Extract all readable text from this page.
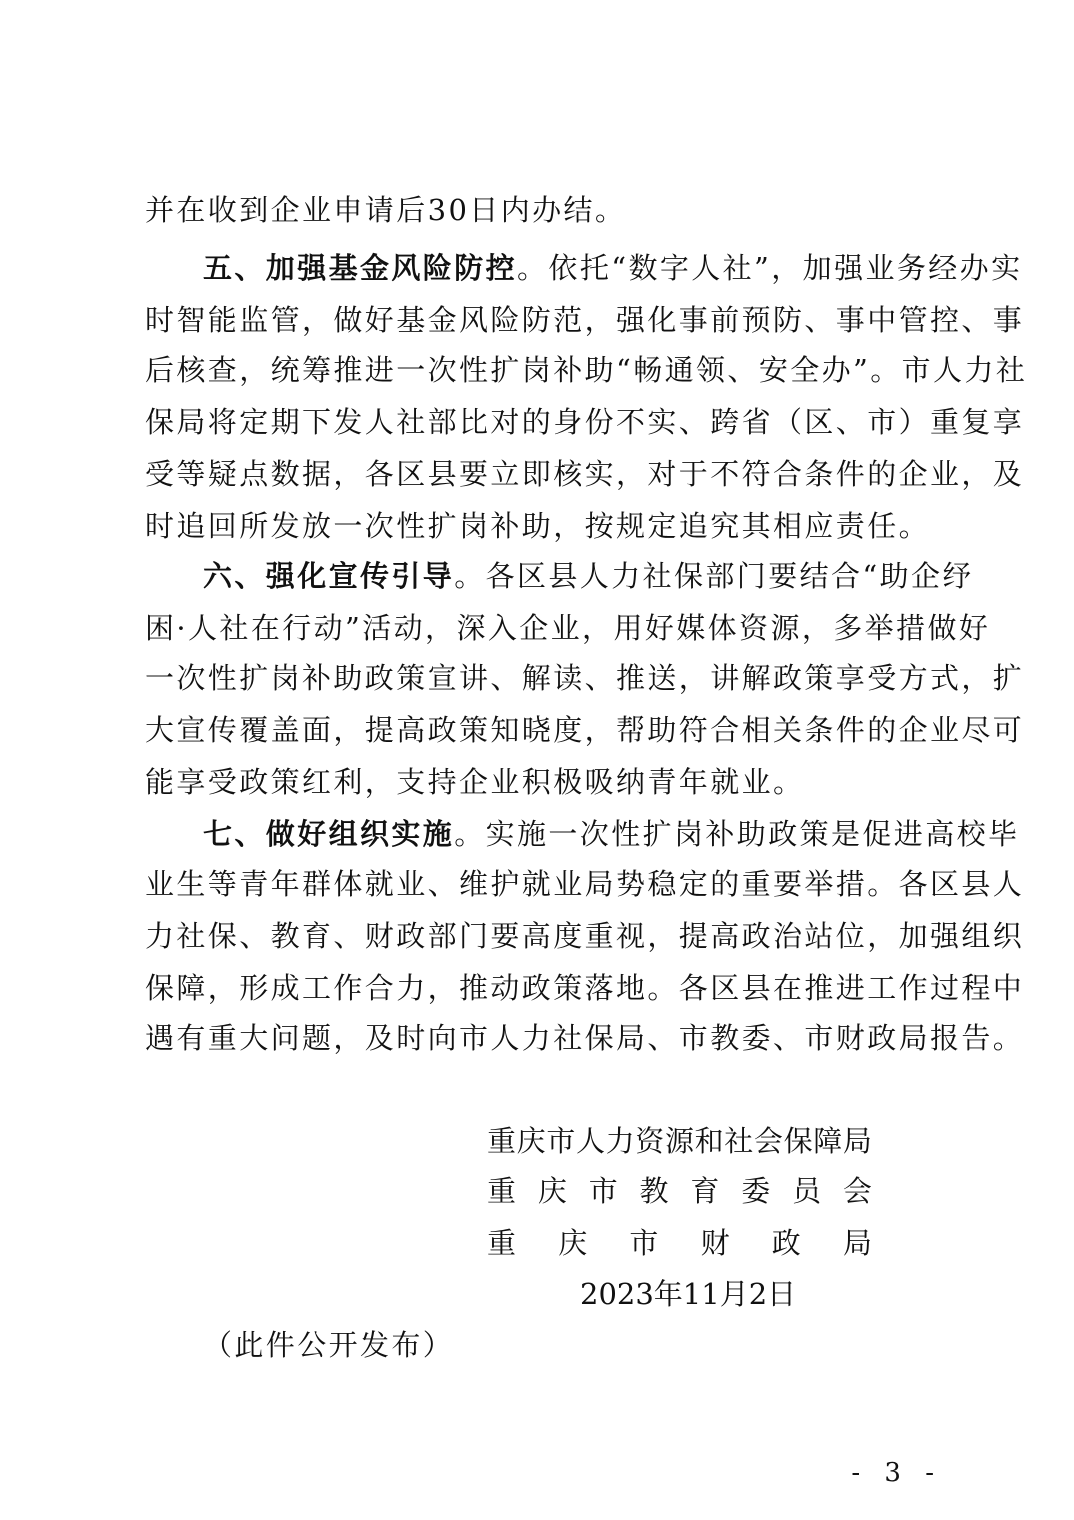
并在收到企业申请后30日内办结。
五、加强基金风险防控。依托“数字人社”，加强业务经办实
时智能监管，做好基金风险防范，强化事前预防、事中管控、事
后核查，统筹推进一次性扩岗补助“畅通领、安全办”。市人力社
保局将定期下发人社部比对的身份不实、跨省（区、市）重复享
受等疑点数据，各区县要立即核实，对于不符合条件的企业，及
时追回所发放一次性扩岗补助，按规定追究其相应责任。
六、强化宣传引导。各区县人力社保部门要结合“助企纾
困·人社在行动”活动，深入企业，用好媒体资源，多举措做好
一次性扩岗补助政策宣讲、解读、推送，讲解政策享受方式，扩
大宣传覆盖面，提高政策知晓度，帮助符合相关条件的企业尽可
能享受政策红利，支持企业积极吸纳青年就业。
七、做好组织实施。实施一次性扩岗补助政策是促进高校毕
业生等青年群体就业、维护就业局势稳定的重要举措。各区县人
力社保、教育、财政部门要高度重视，提高政治站位，加强组织
保障，形成工作合力，推动政策落地。各区县在推进工作过程中
遇有重大问题，及时向市人力社保局、市教委、市财政局报告。
重 庆 市 人 力 资 源 和 社 会 保 障 局
重 庆 市 教 育 委 员 会
重 庆 市 财 政 局
2023年11月2日
（此件公开发布）
- 3 -
